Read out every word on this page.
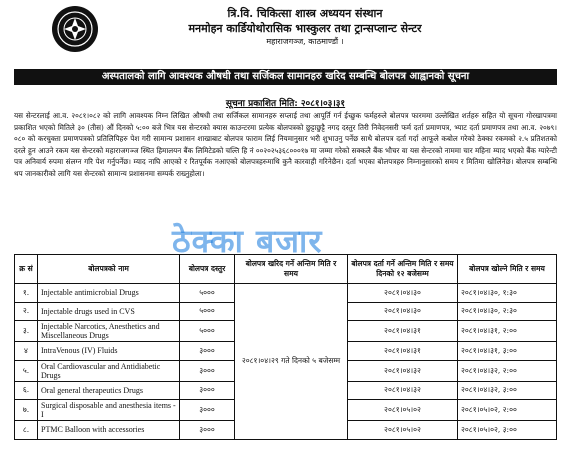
त्रि.वि. चिकित्सा शास्त्र अध्ययन संस्थान
मनमोहन कार्डियोथोरासिक भास्कुलर तथा ट्रान्सप्लान्ट सेन्टर
महाराजगञ्ज, काठमाण्डौं ।
अस्पतालको लागि आवश्यक औषधी तथा सर्जिकल सामानहरु खरिद सम्बन्धि बोलपत्र आह्वानको सूचना
सूचना प्रकाशित मिति: २०८१।०३।३१
यस सेन्टरलाई आ.व. २०८१।०८२ को लागि आवश्यक निम्न लिखित औषधी तथा सर्जिकल सामानहरु सप्लाई तथा आपूर्ति गर्न ईच्छुक फर्महरुले बोलपत्र फारममा उल्लेखित शर्तहरु सहित यो सूचना गोरखापत्रमा प्रकाशित भएको मितिले ३० (तीस) औं दिनको ५:०० बजे भित्र यस सेन्टरको क्यास काउन्टरमा प्रत्येक बोलपत्रको छुट्टाछुट्टै नगद दस्तुर तिरी निवेदनसरी फर्म दर्ता प्रमाणपत्र, भ्याट दर्ता प्रमाणपत्र तथा आ.व. २०७९।०८० को करचुक्ता प्रमाणपत्रको प्रतिलिपिहरु पेश गरी सामान्य प्रशासन शाखाबाट बोलपत्र फाराम लिई नियमानुसार भरी शुभाउनु पर्नेछ साथै बोलपत्र दर्ता गर्दा आफूले कबोल गरेको ठेक्का रकमको २.५ प्रतिशतको दरले हुन आउने रकम यस सेन्टरको महाराजगञ्ज स्थित हिमालयन बैंक लिमिटेडको चल्ति हि नं ००२०२५३६८०००१७ मा जम्मा गरेको सक्कलै बैंक भौचर वा यस सेन्टरको नाममा चार महिना म्याद भएको बैंक ग्यारेन्टी पत्र अनिवार्य रुपमा संलग्न गरि पेश गर्नुपर्नेछ। म्याद नाघि आएको र रितपूर्वक नआएको बोलपत्रहरुमाथि कुनै कारवाही गरिनेछैन। दर्ता भएका बोलपत्रहरु निम्नानुसारको समय र मितिमा खोलिनेछ। बोलपत्र सम्बन्धि थप जानकारीको लागि यस सेन्टरको सामान्य प्रशासनमा सम्पर्क राख्नुहोला।
क्र सं	बोलपत्रको नाम	बोलपत्र दस्तुर	बोलपत्र खरिद गर्ने अन्तिम मिति र समय	बोलपत्र दर्ता गर्ने अन्तिम मिति र समय दिनको १२ बजेसम्म	बोलपत्र खोल्ने मिति र समय
१.	Injectable antimicrobial Drugs	५०००	२०८१।०४।२९ गते दिनको ५ बजेसम्म	२०८१।०४।३०	२०८१।०४।३०, १:३०
२.	Injectable drugs used in CVS	५०००		२०८१।०४।३०	२०८१।०४।३०, २:३०
३.	Injectable Narcotics, Anesthetics and Miscellaneous Drugs	५०००		२०८१।०४।३१	२०८१।०४।३१, २:००
४	IntraVenous (IV) Fluids	३०००		२०८१।०४।३१	२०८१।०४।३१, ३:००
५.	Oral Cardiovascular and Antidiabetic Drugs	३०००		२०८१।०४।३२	२०८१।०४।३२, २:००
६.	Oral general therapeutics Drugs	३०००		२०८१।०४।३२	२०८१।०४।३२, ३:००
७.	Surgical disposable and anesthesia items -I	३०००		२०८१।०५।०२	२०८१।०५।०२, २:००
८.	PTMC Balloon with accessories	३०००		२०८१।०५।०२	२०८१।०५।०२, ३:००
ठेक्का बजार
